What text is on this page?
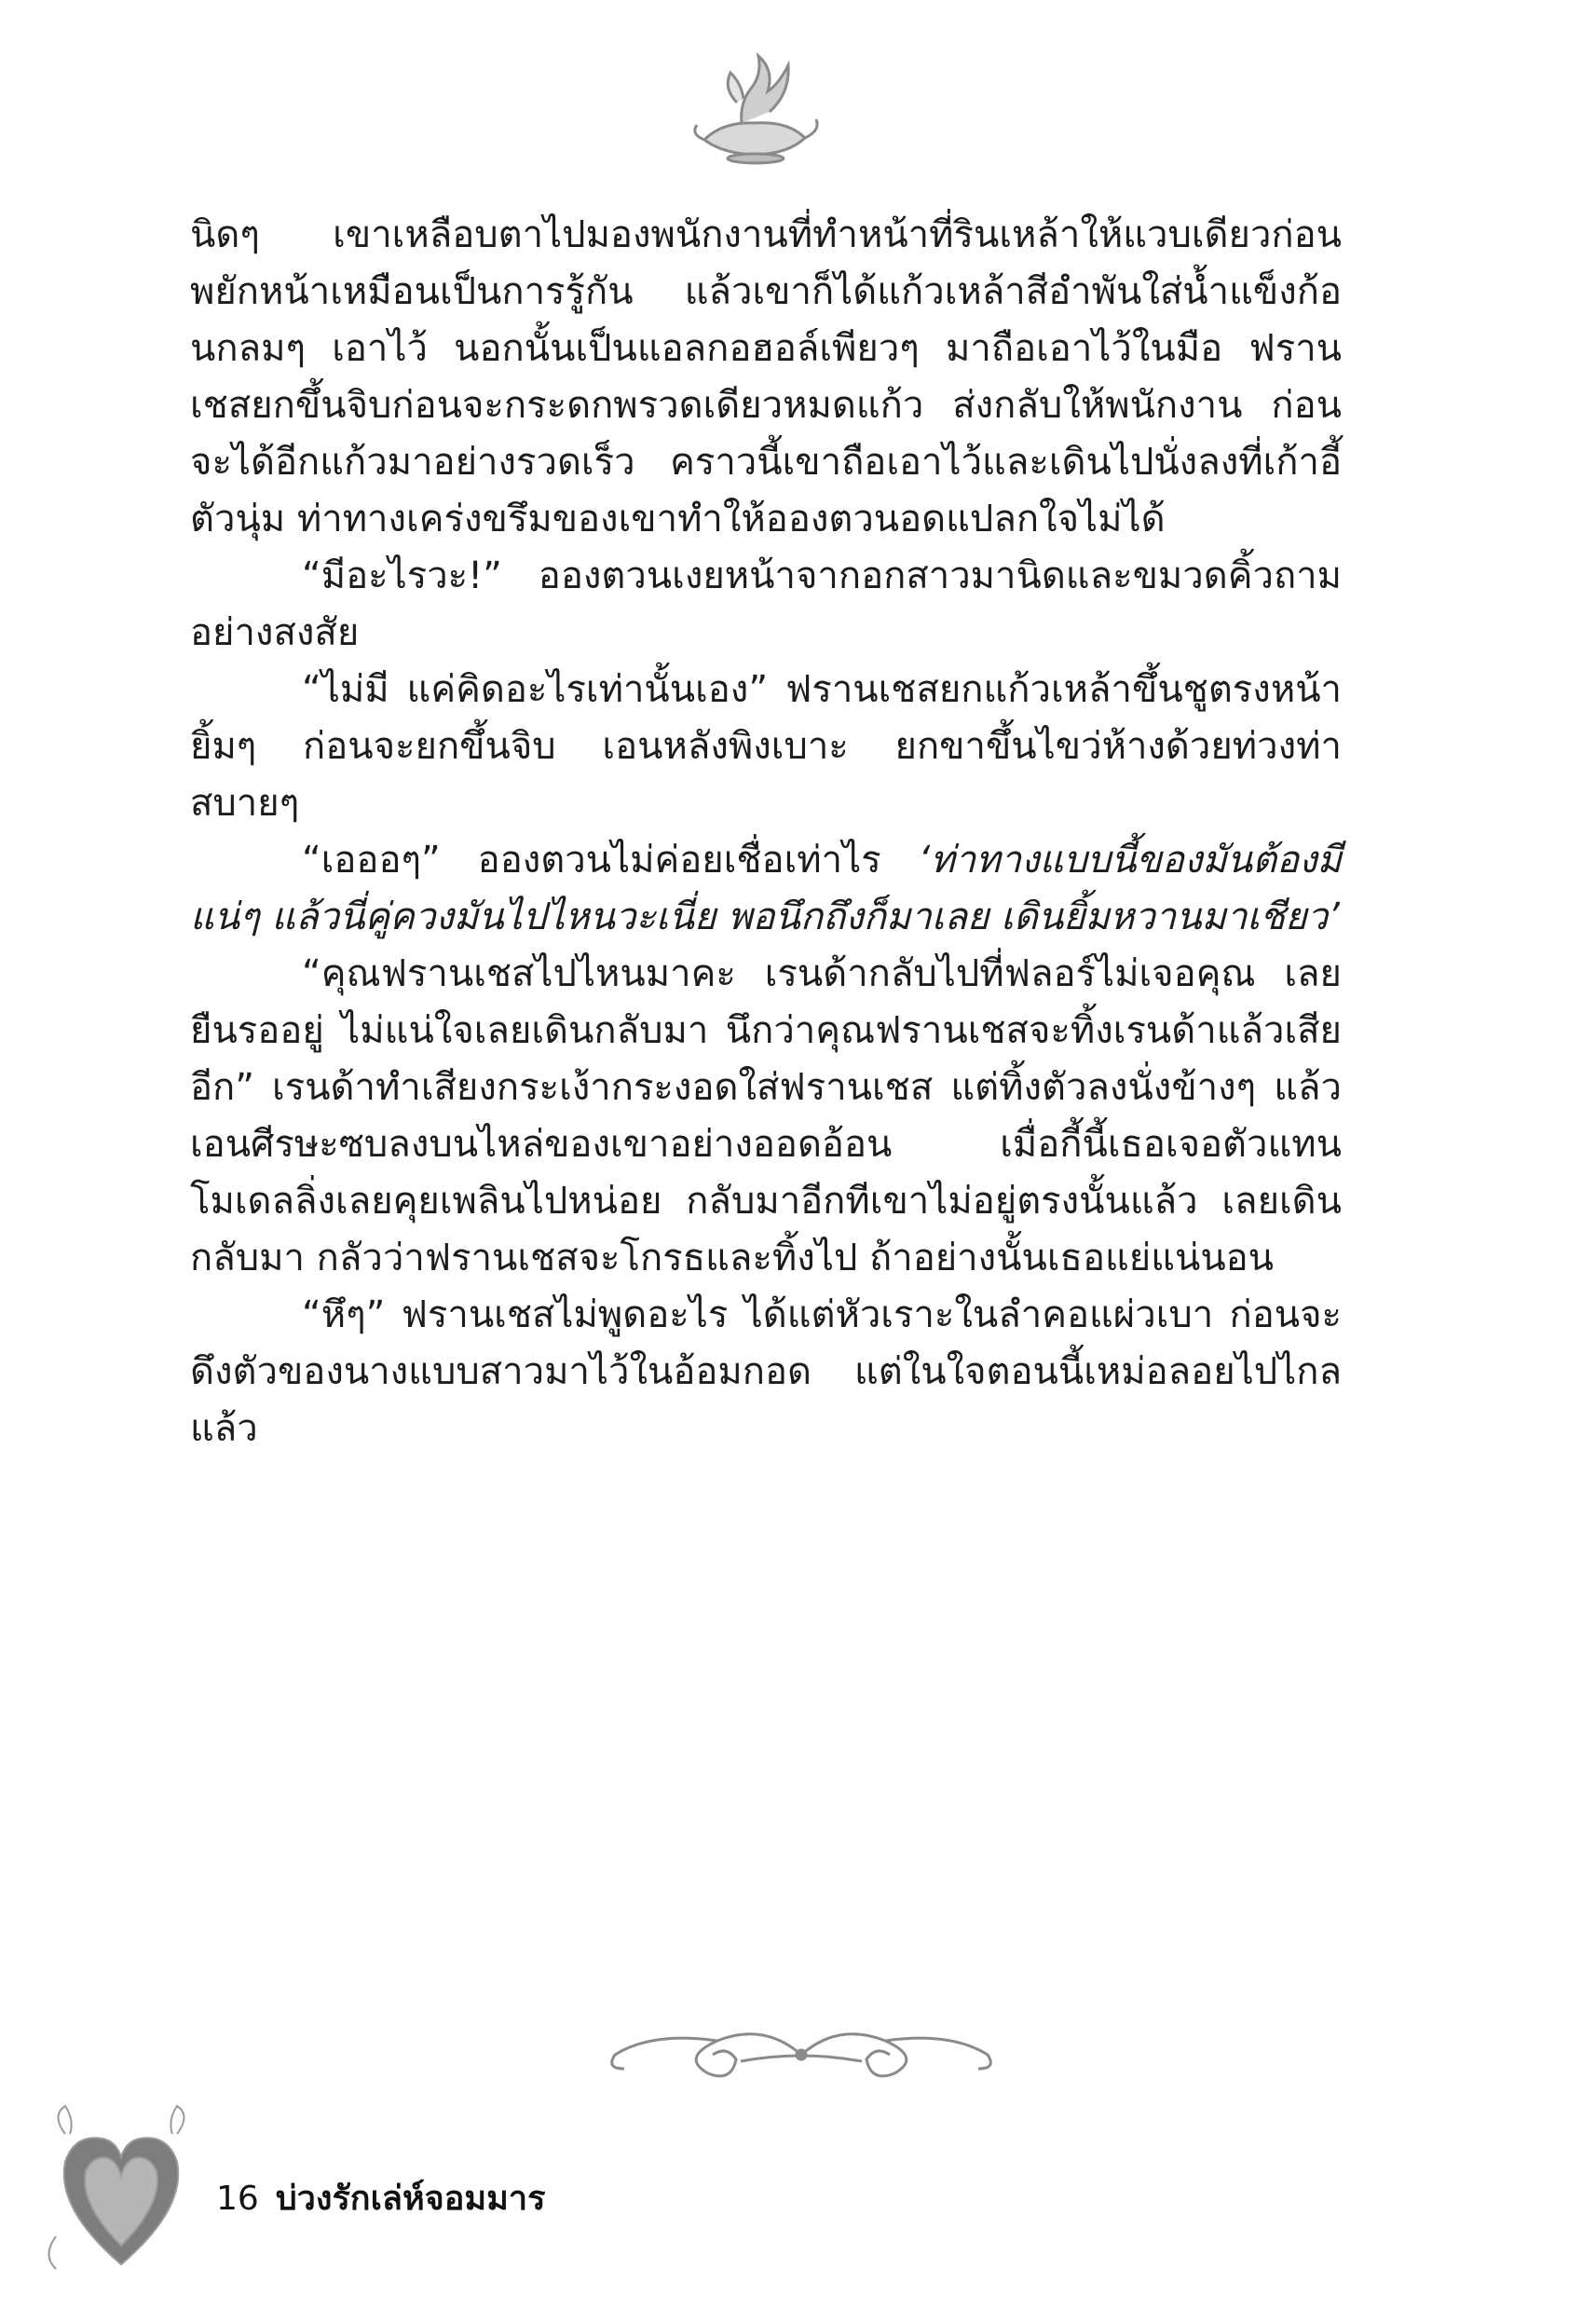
นิดๆ เขาเหลือบตาไปมองพนักงานที่ทำหน้าที่รินเหล้าให้แวบเดียวก่อน พยักหน้าเหมือนเป็นการรู้กัน แล้วเขาก็ได้แก้วเหล้าสีอำพันใส่น้ำแข็งก้อนกลมๆ เอาไว้ นอกนั้นเป็นแอลกอฮอล์เพียวๆ มาถือเอาไว้ในมือ ฟรานเชสยกขึ้นจิบก่อนจะกระดกพรวดเดียวหมดแก้ว ส่งกลับให้พนักงาน ก่อนจะได้อีกแก้วมาอย่างรวดเร็ว คราวนี้เขาถือเอาไว้และเดินไปนั่งลงที่เก้าอี้ตัวนุ่ม ท่าทางเคร่งขรึมของเขาทำให้อองตวนอดแปลกใจไม่ได้

“มีอะไรวะ!” อองตวนเงยหน้าจากอกสาวมานิดและขมวดคิ้วถามอย่างสงสัย

“ไม่มี แค่คิดอะไรเท่านั้นเอง” ฟรานเชสยกแก้วเหล้าขึ้นชูตรงหน้ายิ้มๆ ก่อนจะยกขึ้นจิบ เอนหลังพิงเบาะ ยกขาขึ้นไขว่ห้างด้วยท่วงท่าสบายๆ

“เอออๆ” อองตวนไม่ค่อยเชื่อเท่าไร ‘ท่าทางแบบนี้ของมันต้องมีแน่ๆ แล้วนี่คู่ควงมันไปไหนวะเนี่ย พอนึกถึงก็มาเลย เดินยิ้มหวานมาเชียว’

“คุณฟรานเชสไปไหนมาคะ เรนด้ากลับไปที่ฟลอร์ไม่เจอคุณ เลยยืนรออยู่ ไม่แน่ใจเลยเดินกลับมา นึกว่าคุณฟรานเชสจะทิ้งเรนด้าแล้วเสียอีก” เรนด้าทำเสียงกระเง้ากระงอดใส่ฟรานเชส แต่ทิ้งตัวลงนั่งข้างๆ แล้วเอนศีรษะซบลงบนไหล่ของเขาอย่างออดอ้อน เมื่อกี้นี้เธอเจอตัวแทนโมเดลลิ่งเลยคุยเพลินไปหน่อย กลับมาอีกทีเขาไม่อยู่ตรงนั้นแล้ว เลยเดินกลับมา กลัวว่าฟรานเชสจะโกรธและทิ้งไป ถ้าอย่างนั้นเธอแย่แน่นอน

“หึๆ” ฟรานเชสไม่พูดอะไร ได้แต่หัวเราะในลำคอแผ่วเบา ก่อนจะดึงตัวของนางแบบสาวมาไว้ในอ้อมกอด แต่ในใจตอนนี้เหม่อลอยไปไกลแล้ว

16 บ่วงรักเล่ห์จอมมาร
